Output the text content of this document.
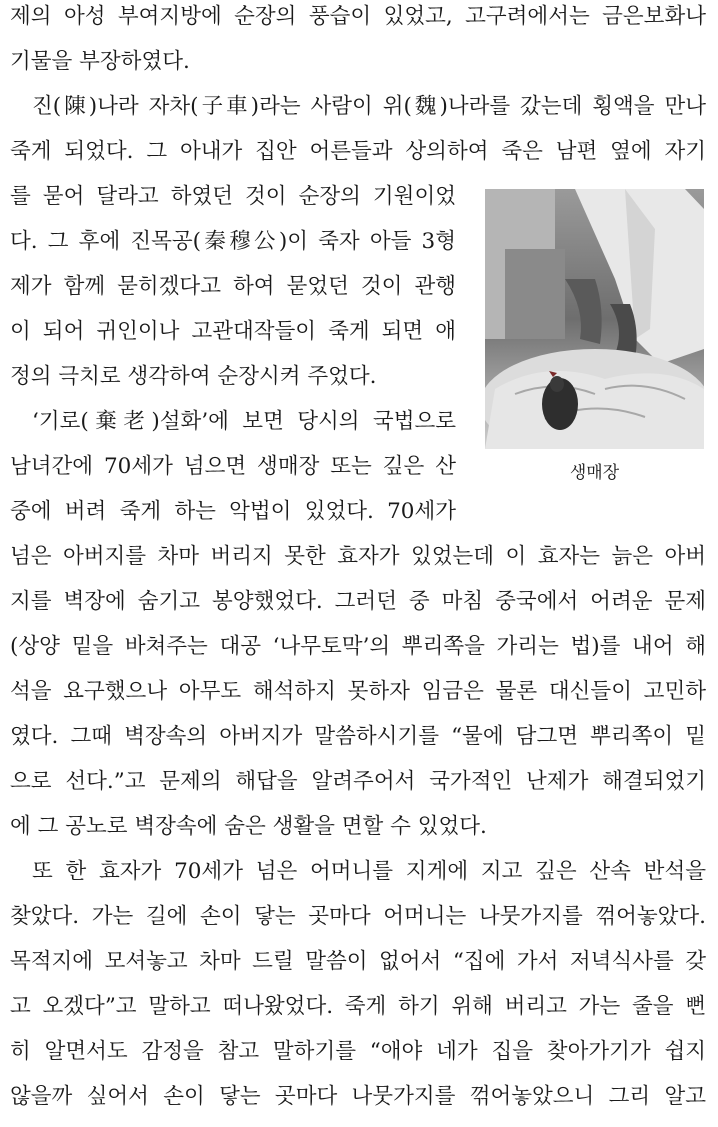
제의 아성 부여지방에 순장의 풍습이 있었고, 고구려에서는 금은보화나
기물을 부장하였다.
진(陳)나라 자차(子車)라는 사람이 위(魏)나라를 갔는데 횡액을 만나
죽게 되었다. 그 아내가 집안 어른들과 상의하여 죽은 남편 옆에 자기
를 묻어 달라고 하였던 것이 순장의 기원이었
다. 그 후에 진목공(秦穆公)이 죽자 아들 3형
제가 함께 묻히겠다고 하여 묻었던 것이 관행
이 되어 귀인이나 고관대작들이 죽게 되면 애
정의 극치로 생각하여 순장시켜 주었다.
‘기로(棄老)설화’에 보면 당시의 국법으로
남녀간에 70세가 넘으면 생매장 또는 깊은 산
중에 버려 죽게 하는 악법이 있었다. 70세가
넘은 아버지를 차마 버리지 못한 효자가 있었는데 이 효자는 늙은 아버
지를 벽장에 숨기고 봉양했었다. 그러던 중 마침 중국에서 어려운 문제
(상양 밑을 바쳐주는 대공 ‘나무토막’의 뿌리쪽을 가리는 법)를 내어 해
석을 요구했으나 아무도 해석하지 못하자 임금은 물론 대신들이 고민하
였다. 그때 벽장속의 아버지가 말씀하시기를 “물에 담그면 뿌리쪽이 밑
으로 선다.”고 문제의 해답을 알려주어서 국가적인 난제가 해결되었기
에 그 공노로 벽장속에 숨은 생활을 면할 수 있었다.
또 한 효자가 70세가 넘은 어머니를 지게에 지고 깊은 산속 반석을
찾았다. 가는 길에 손이 닿는 곳마다 어머니는 나뭇가지를 꺾어놓았다.
목적지에 모셔놓고 차마 드릴 말씀이 없어서 “집에 가서 저녁식사를 갖
고 오겠다”고 말하고 떠나왔었다. 죽게 하기 위해 버리고 가는 줄을 뻔
히 알면서도 감정을 참고 말하기를 “애야 네가 집을 찾아가기가 쉽지
않을까 싶어서 손이 닿는 곳마다 나뭇가지를 꺾어놓았으니 그리 알고
생매장
